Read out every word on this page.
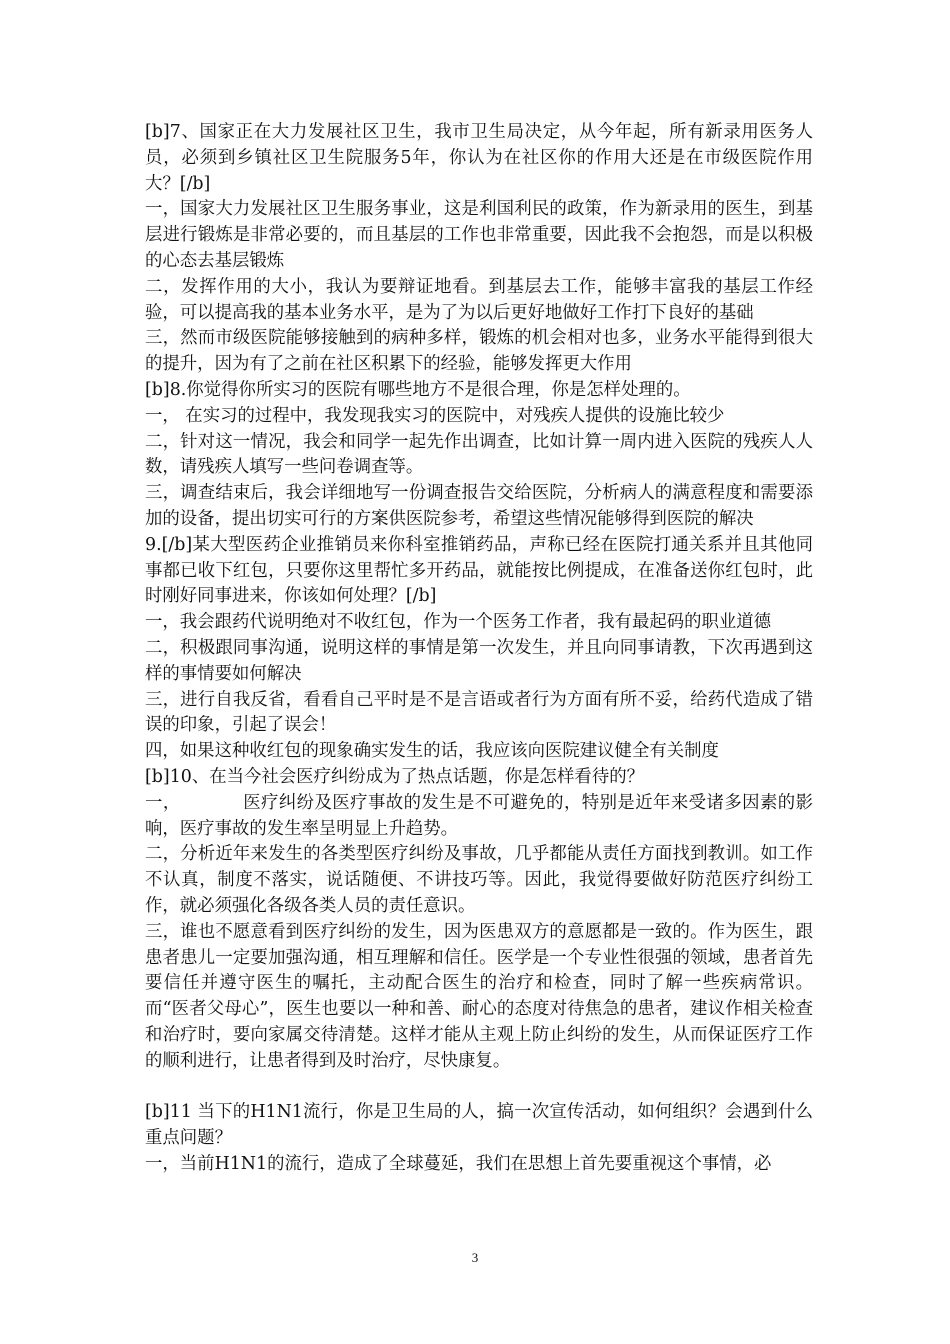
[b]7、国家正在大力发展社区卫生，我市卫生局决定，从今年起，所有新录用医务人员，必须到乡镇社区卫生院服务5年，你认为在社区你的作用大还是在市级医院作用大？[/b]

一，国家大力发展社区卫生服务事业，这是利国利民的政策，作为新录用的医生，到基层进行锻炼是非常必要的，而且基层的工作也非常重要，因此我不会抱怨，而是以积极的心态去基层锻炼

二，发挥作用的大小，我认为要辩证地看。到基层去工作，能够丰富我的基层工作经验，可以提高我的基本业务水平，是为了为以后更好地做好工作打下良好的基础

三，然而市级医院能够接触到的病种多样，锻炼的机会相对也多，业务水平能得到很大的提升，因为有了之前在社区积累下的经验，能够发挥更大作用

[b]8.你觉得你所实习的医院有哪些地方不是很合理，你是怎样处理的。

一， 在实习的过程中，我发现我实习的医院中，对残疾人提供的设施比较少

二，针对这一情况，我会和同学一起先作出调查，比如计算一周内进入医院的残疾人人数，请残疾人填写一些问卷调查等。

三，调查结束后，我会详细地写一份调查报告交给医院，分析病人的满意程度和需要添加的设备，提出切实可行的方案供医院参考，希望这些情况能够得到医院的解决

9.[/b]某大型医药企业推销员来你科室推销药品，声称已经在医院打通关系并且其他同事都已收下红包，只要你这里帮忙多开药品，就能按比例提成，在准备送你红包时，此时刚好同事进来，你该如何处理？[/b]

一，我会跟药代说明绝对不收红包，作为一个医务工作者，我有最起码的职业道德

二，积极跟同事沟通，说明这样的事情是第一次发生，并且向同事请教，下次再遇到这样的事情要如何解决

三，进行自我反省，看看自己平时是不是言语或者行为方面有所不妥，给药代造成了错误的印象，引起了误会！

四，如果这种收红包的现象确实发生的话，我应该向医院建议健全有关制度

[b]10、在当今社会医疗纠纷成为了热点话题，你是怎样看待的？

一，　　　　医疗纠纷及医疗事故的发生是不可避免的，特别是近年来受诸多因素的影响，医疗事故的发生率呈明显上升趋势。

二，分析近年来发生的各类型医疗纠纷及事故，几乎都能从责任方面找到教训。如工作不认真，制度不落实，说话随便、不讲技巧等。因此，我觉得要做好防范医疗纠纷工作，就必须强化各级各类人员的责任意识。

三，谁也不愿意看到医疗纠纷的发生，因为医患双方的意愿都是一致的。作为医生，跟患者患儿一定要加强沟通，相互理解和信任。医学是一个专业性很强的领域，患者首先要信任并遵守医生的嘱托，主动配合医生的治疗和检查，同时了解一些疾病常识。而“医者父母心”，医生也要以一种和善、耐心的态度对待焦急的患者，建议作相关检查和治疗时，要向家属交待清楚。这样才能从主观上防止纠纷的发生，从而保证医疗工作的顺利进行，让患者得到及时治疗，尽快康复。

[b]11 当下的H1N1流行，你是卫生局的人，搞一次宣传活动，如何组织？会遇到什么重点问题？

一，当前H1N1的流行，造成了全球蔓延，我们在思想上首先要重视这个事情，必

3
